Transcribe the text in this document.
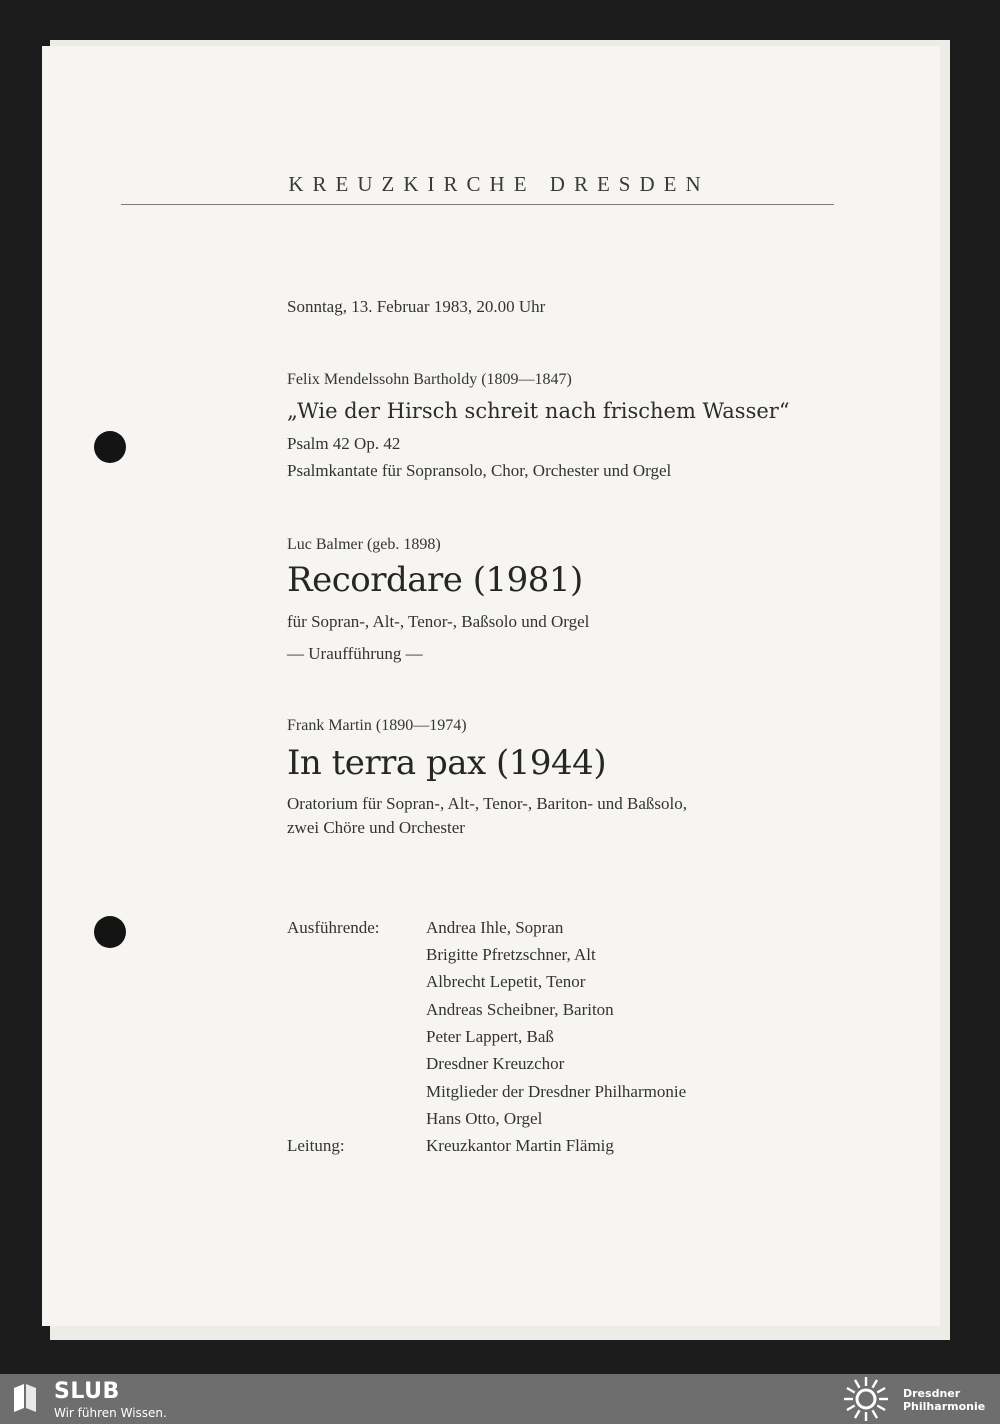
KREUZKIRCHE DRESDEN
Sonntag, 13. Februar 1983, 20.00 Uhr
Felix Mendelssohn Bartholdy (1809—1847)
„Wie der Hirsch schreit nach frischem Wasser“
Psalm 42 Op. 42
Psalmkantate für Sopransolo, Chor, Orchester und Orgel
Luc Balmer (geb. 1898)
Recordare (1981)
für Sopran-, Alt-, Tenor-, Baßsolo und Orgel
— Uraufführung —
Frank Martin (1890—1974)
In terra pax (1944)
Oratorium für Sopran-, Alt-, Tenor-, Bariton- und Baßsolo,
zwei Chöre und Orchester
Ausführende:	Andrea Ihle, Sopran
Brigitte Pfretzschner, Alt
Albrecht Lepetit, Tenor
Andreas Scheibner, Bariton
Peter Lappert, Baß
Dresdner Kreuzchor
Mitglieder der Dresdner Philharmonie
Hans Otto, Orgel
Leitung:	Kreuzkantor Martin Flämig
SLUB
Wir führen Wissen.
Dresdner
Philharmonie
